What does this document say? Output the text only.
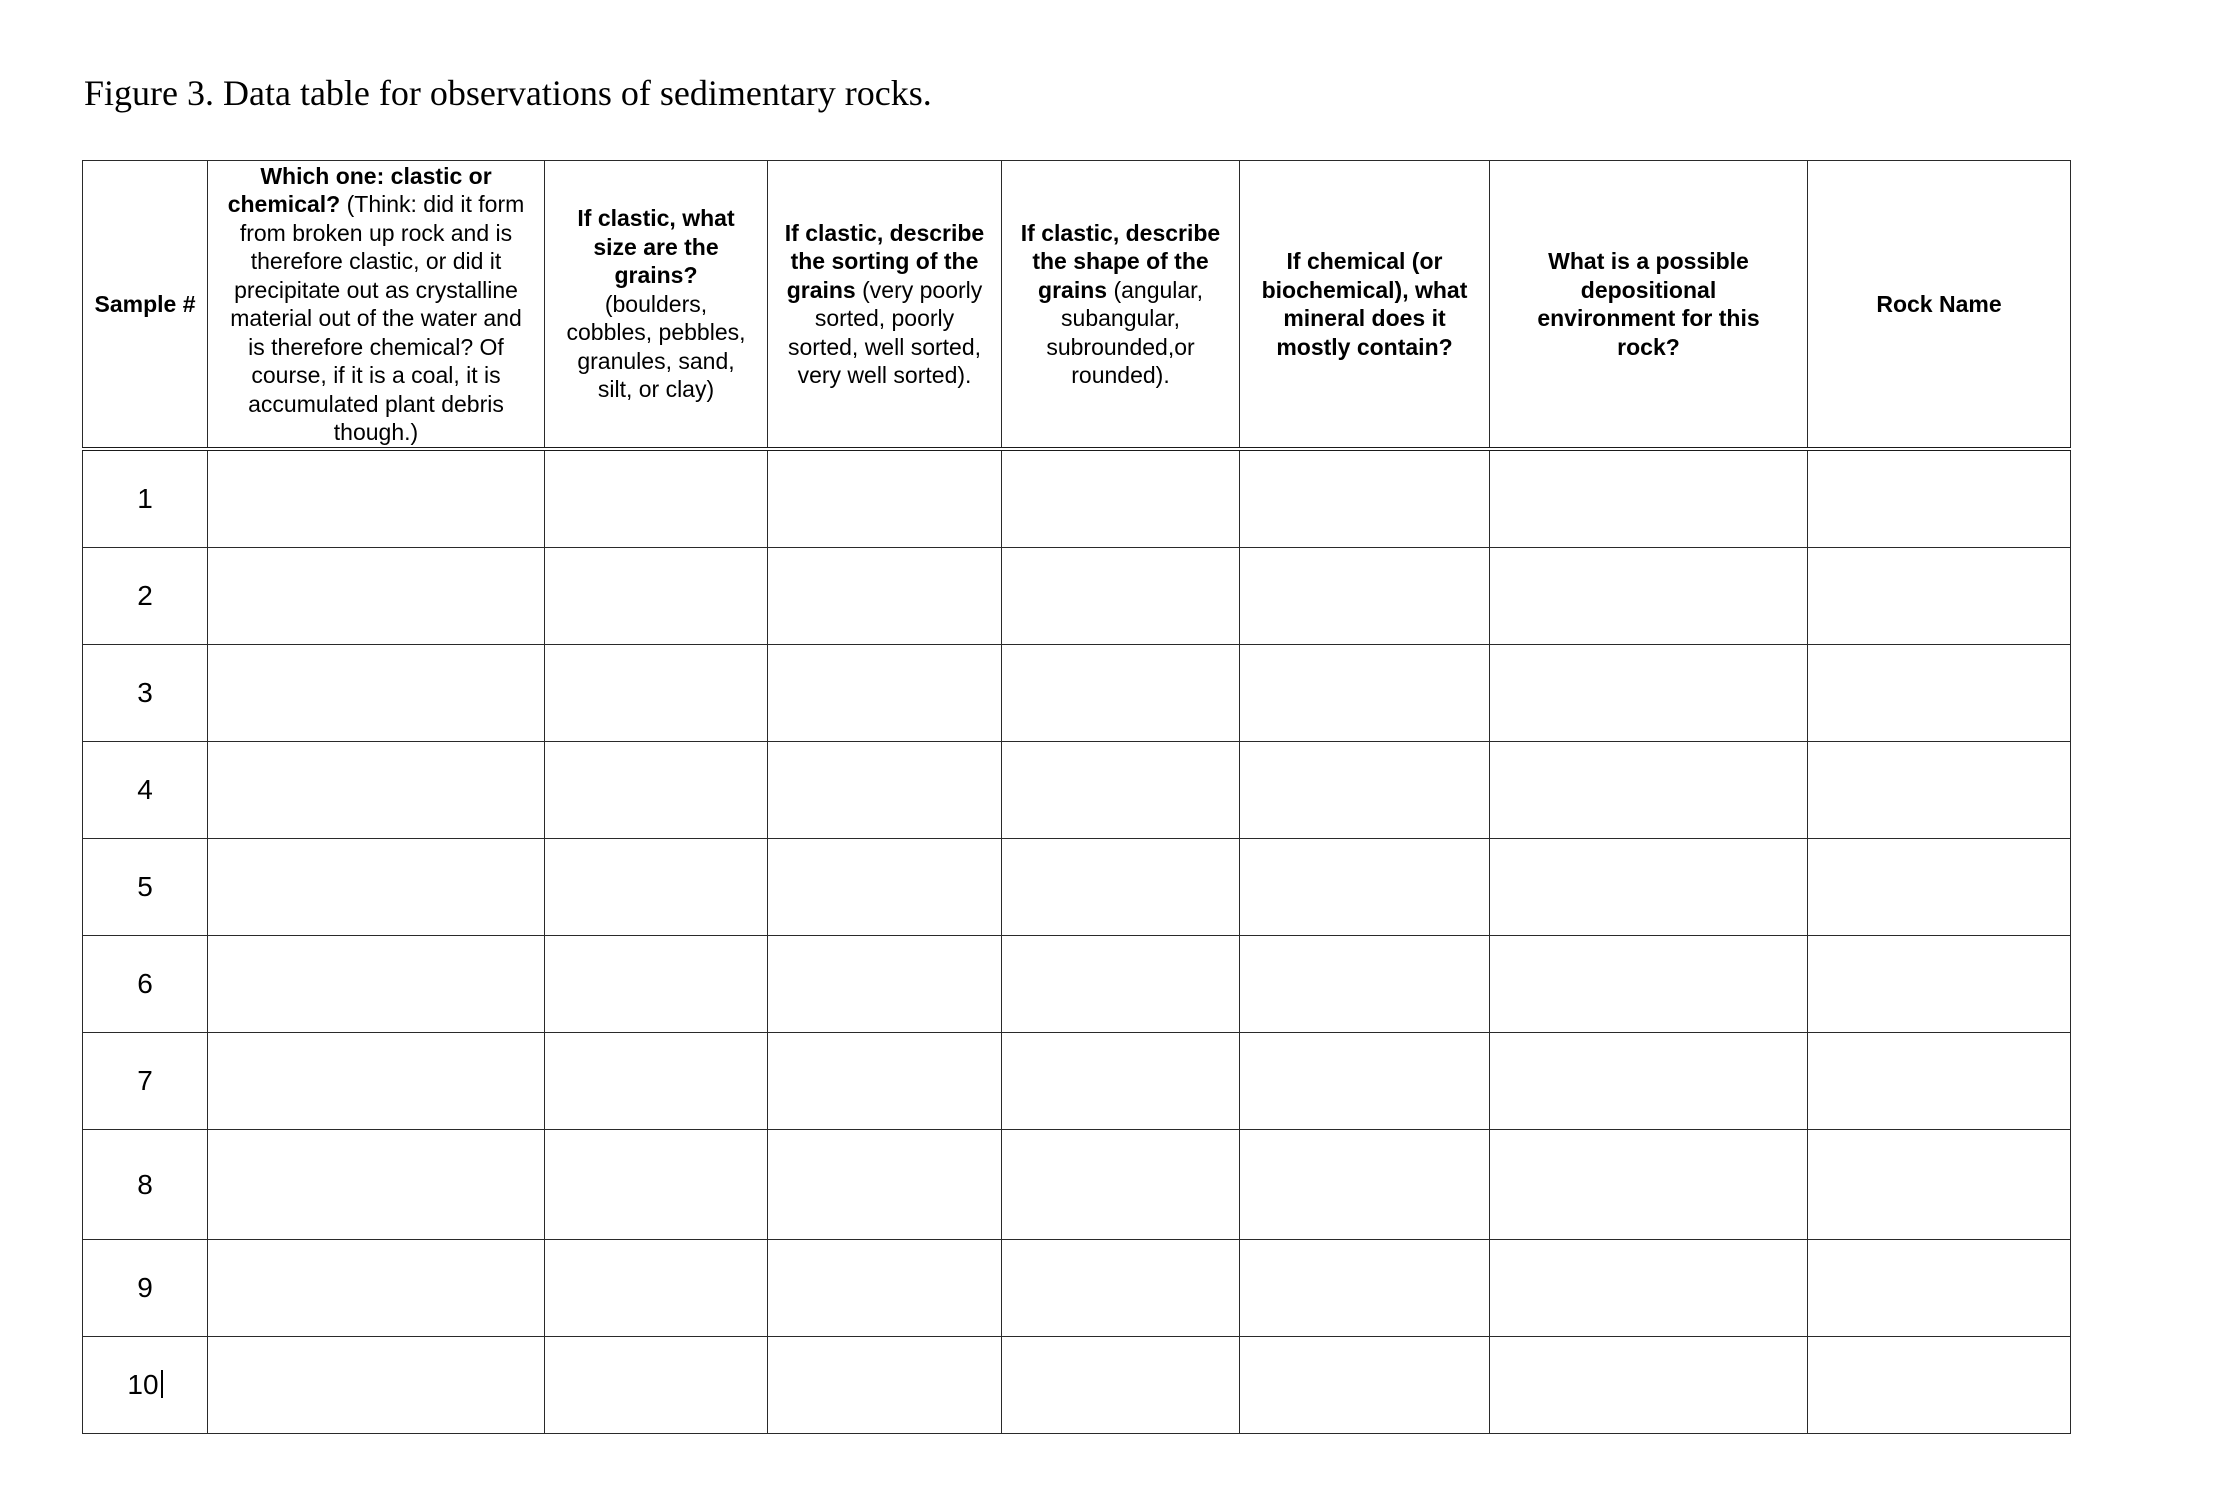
Figure 3. Data table for observations of sedimentary rocks.
Sample #	Which one: clastic or chemical? (Think: did it form from broken up rock and is therefore clastic, or did it precipitate out as crystalline material out of the water and is therefore chemical? Of course, if it is a coal, it is accumulated plant debris though.)	If clastic, what size are the grains? (boulders, cobbles, pebbles, granules, sand, silt, or clay)	If clastic, describe the sorting of the grains (very poorly sorted, poorly sorted, well sorted, very well sorted).	If clastic, describe the shape of the grains (angular, subangular, subrounded,or rounded).	If chemical (or biochemical), what mineral does it mostly contain?	What is a possible depositional environment for this rock?	Rock Name

1							
2							
3							
4							
5							
6							
7							
8							
9							
10							
